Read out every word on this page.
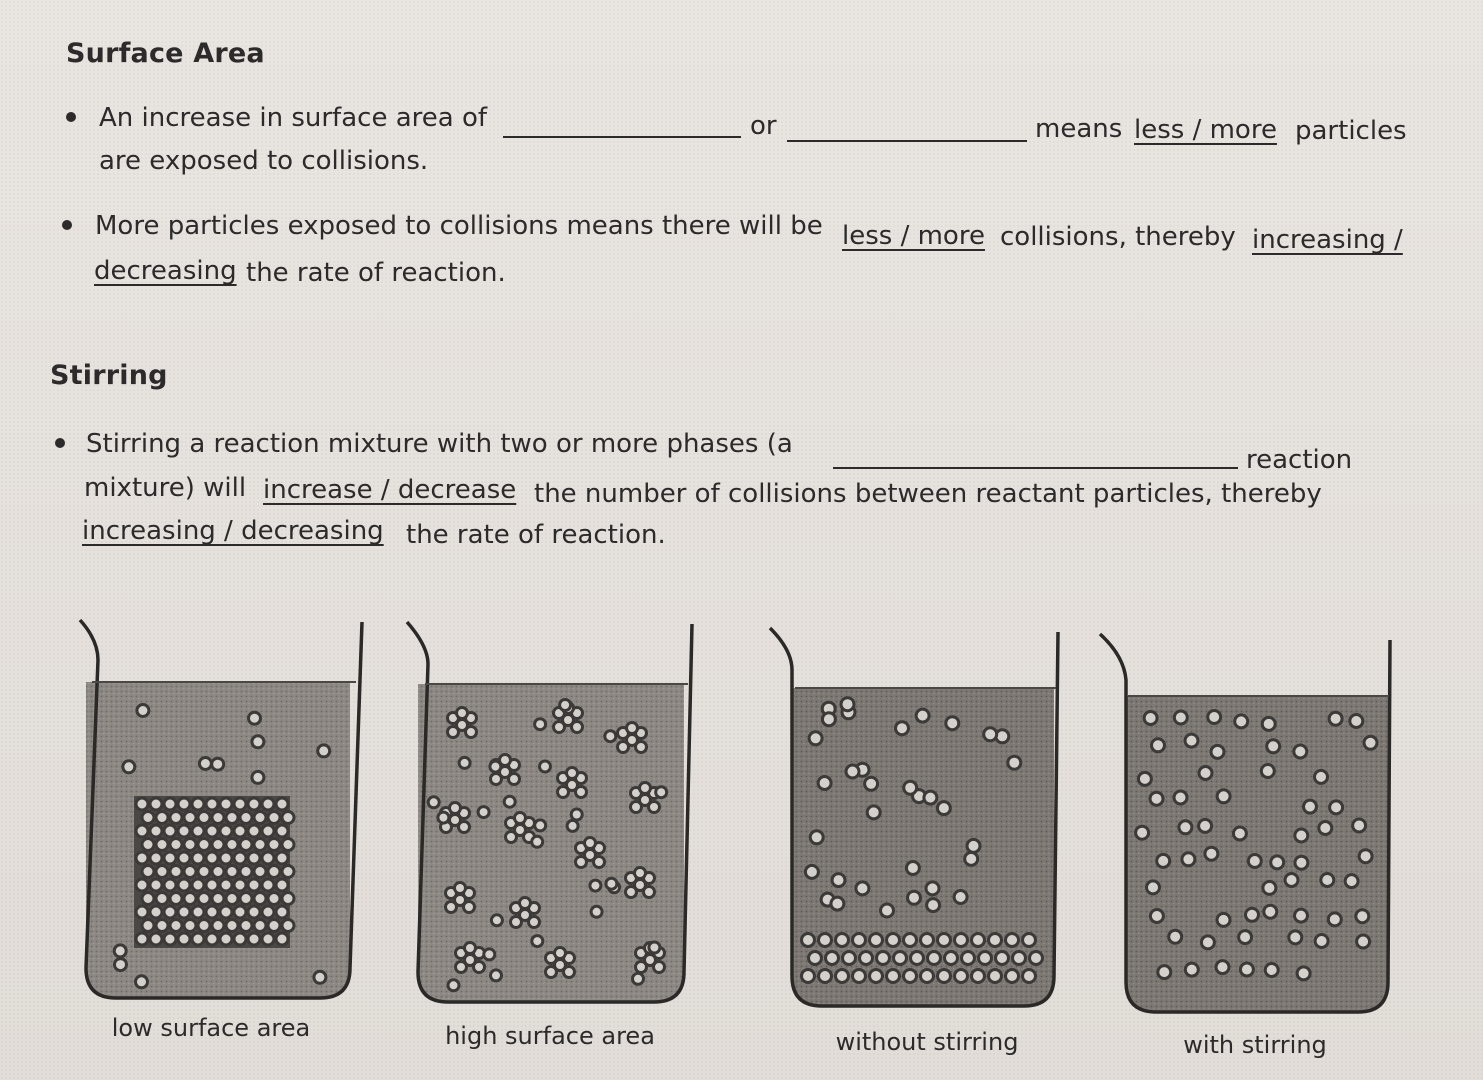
Surface Area
An increase in surface area of	or	means less / more particles
are exposed to collisions.
More particles exposed to collisions means there will be less / more collisions, thereby increasing /
decreasing the rate of reaction.
Stirring
Stirring a reaction mixture with two or more phases (a
reaction
mixture) will increase / decrease the number of collisions between reactant particles, thereby
increasing / decreasing the rate of reaction.
low surface area	high surface area	without stirring	with stirring
